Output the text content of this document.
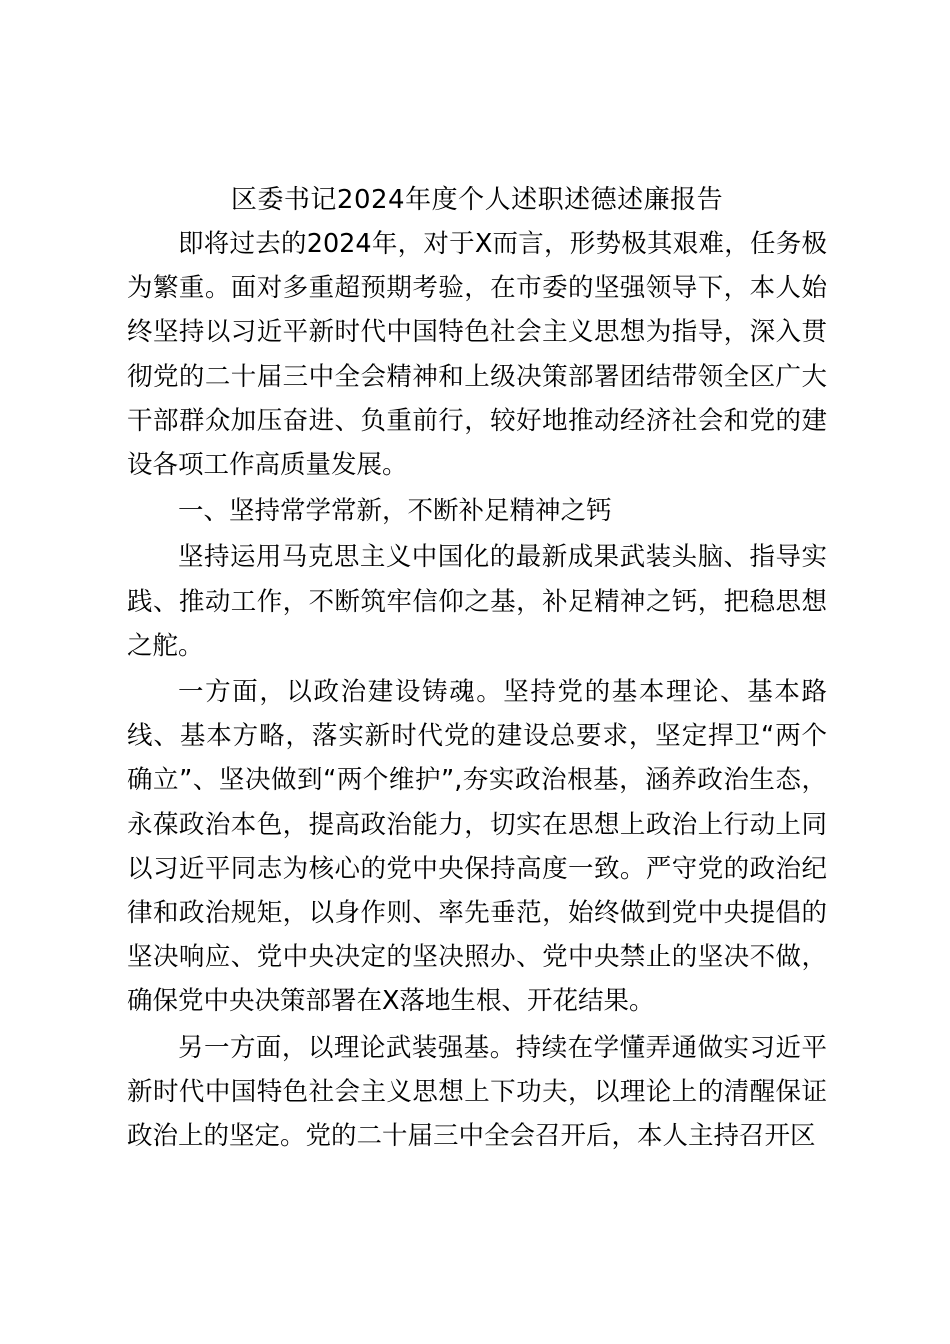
区委书记2024年度个人述职述德述廉报告

即将过去的2024年，对于X而言，形势极其艰难，任务极为繁重。面对多重超预期考验，在市委的坚强领导下，本人始终坚持以习近平新时代中国特色社会主义思想为指导，深入贯彻党的二十届三中全会精神和上级决策部署团结带领全区广大干部群众加压奋进、负重前行，较好地推动经济社会和党的建设各项工作高质量发展。

一、坚持常学常新，不断补足精神之钙

坚持运用马克思主义中国化的最新成果武装头脑、指导实践、推动工作，不断筑牢信仰之基，补足精神之钙，把稳思想之舵。

一方面，以政治建设铸魂。坚持党的基本理论、基本路线、基本方略，落实新时代党的建设总要求，坚定捍卫“两个确立”、坚决做到“两个维护”,夯实政治根基，涵养政治生态，永葆政治本色，提高政治能力，切实在思想上政治上行动上同以习近平同志为核心的党中央保持高度一致。严守党的政治纪律和政治规矩，以身作则、率先垂范，始终做到党中央提倡的坚决响应、党中央决定的坚决照办、党中央禁止的坚决不做，确保党中央决策部署在X落地生根、开花结果。

另一方面，以理论武装强基。持续在学懂弄通做实习近平新时代中国特色社会主义思想上下功夫，以理论上的清醒保证政治上的坚定。党的二十届三中全会召开后，本人主持召开区
